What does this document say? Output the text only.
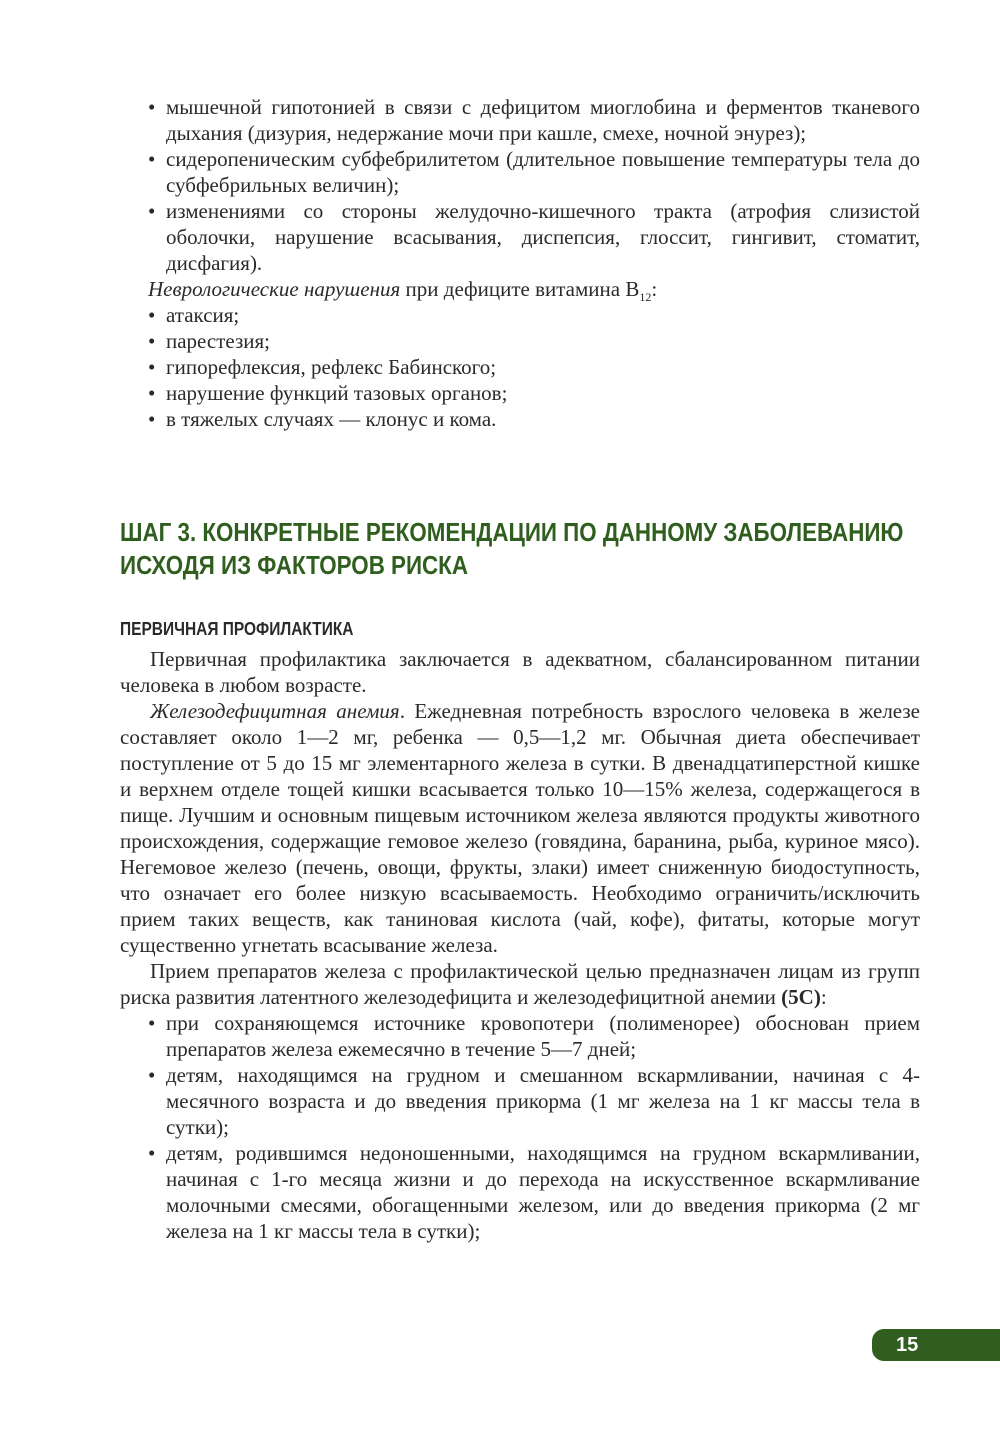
• мышечной гипотонией в связи с дефицитом миоглобина и ферментов тканевого дыхания (дизурия, недержание мочи при кашле, смехе, ночной энурез);
• сидеропеническим субфебрилитетом (длительное повышение температуры тела до субфебрильных величин);
• изменениями со стороны желудочно-кишечного тракта (атрофия слизистой оболочки, нарушение всасывания, диспепсия, глоссит, гингивит, стоматит, дисфагия).

Неврологические нарушения при дефиците витамина $В_{12}$:

• атаксия;
• парестезия;
• гипорефлексия, рефлекс Бабинского;
• нарушение функций тазовых органов;
• в тяжелых случаях — клонус и кома.
ШАГ 3. КОНКРЕТНЫЕ РЕКОМЕНДАЦИИ ПО ДАННОМУ ЗАБОЛЕВАНИЮ
ИСХОДЯ ИЗ ФАКТОРОВ РИСКА
ПЕРВИЧНАЯ ПРОФИЛАКТИКА

Первичная профилактика заключается в адекватном, сбалансированном питании человека в любом возрасте.

Железодефицитная анемия. Ежедневная потребность взрослого человека в железе составляет около 1—2 мг, ребенка — 0,5—1,2 мг. Обычная диета обеспечивает поступление от 5 до 15 мг элементарного железа в сутки. В двенадцатиперстной кишке и верхнем отделе тощей кишки всасывается только 10—15% железа, содержащегося в пище. Лучшим и основным пищевым источником железа являются продукты животного происхождения, содержащие гемовое железо (говядина, баранина, рыба, куриное мясо). Негемовое железо (печень, овощи, фрукты, злаки) имеет сниженную биодоступность, что означает его более низкую всасываемость. Необходимо ограничить/исключить прием таких веществ, как таниновая кислота (чай, кофе), фитаты, которые могут существенно угнетать всасывание железа.

Прием препаратов железа с профилактической целью предназначен лицам из групп риска развития латентного железодефицита и железодефицитной анемии (5С):

• при сохраняющемся источнике кровопотери (полименорее) обоснован прием препаратов железа ежемесячно в течение 5—7 дней;
• детям, находящимся на грудном и смешанном вскармливании, начиная с 4-месячного возраста и до введения прикорма (1 мг железа на 1 кг массы тела в сутки);
• детям, родившимся недоношенными, находящимся на грудном вскармливании, начиная с 1-го месяца жизни и до перехода на искусственное вскармливание молочными смесями, обогащенными железом, или до введения прикорма (2 мг железа на 1 кг массы тела в сутки);
15
